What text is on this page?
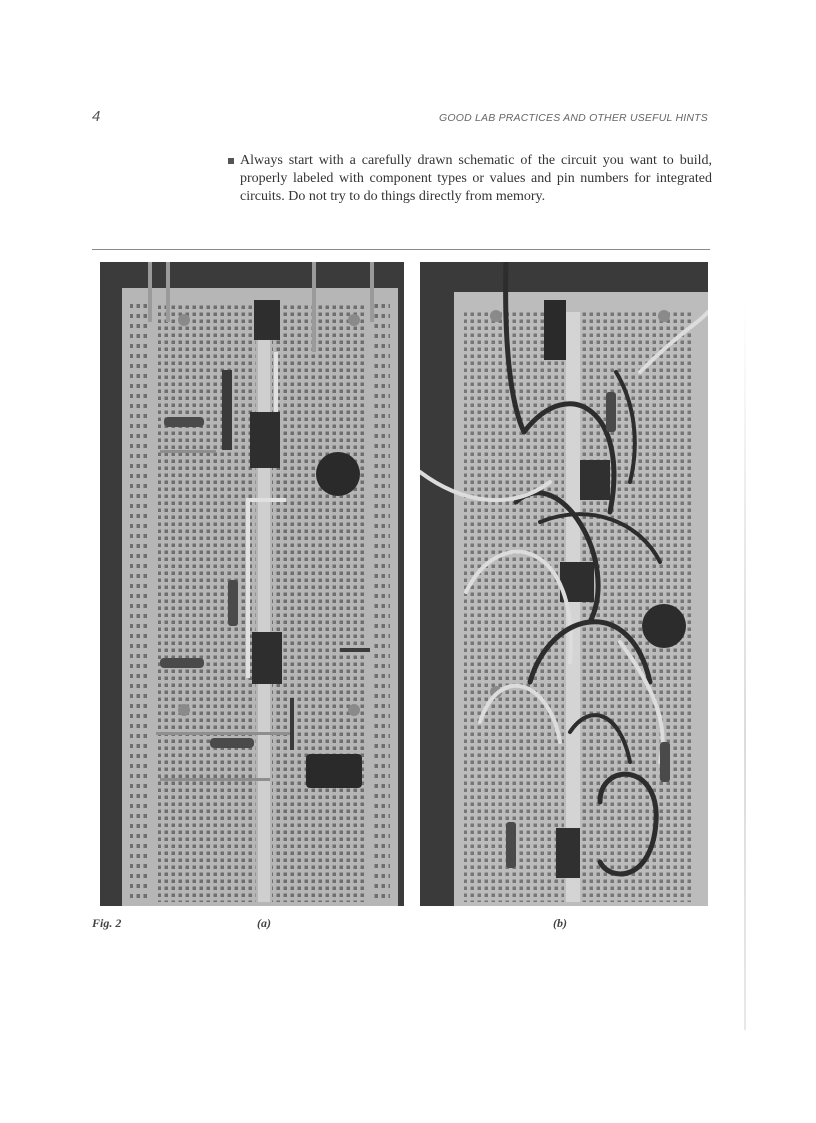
4	GOOD LAB PRACTICES AND OTHER USEFUL HINTS
Always start with a carefully drawn schematic of the circuit you want to build, properly labeled with component types or values and pin numbers for integrated circuits. Do not try to do things directly from memory.
Fig. 2	(a)	(b)
